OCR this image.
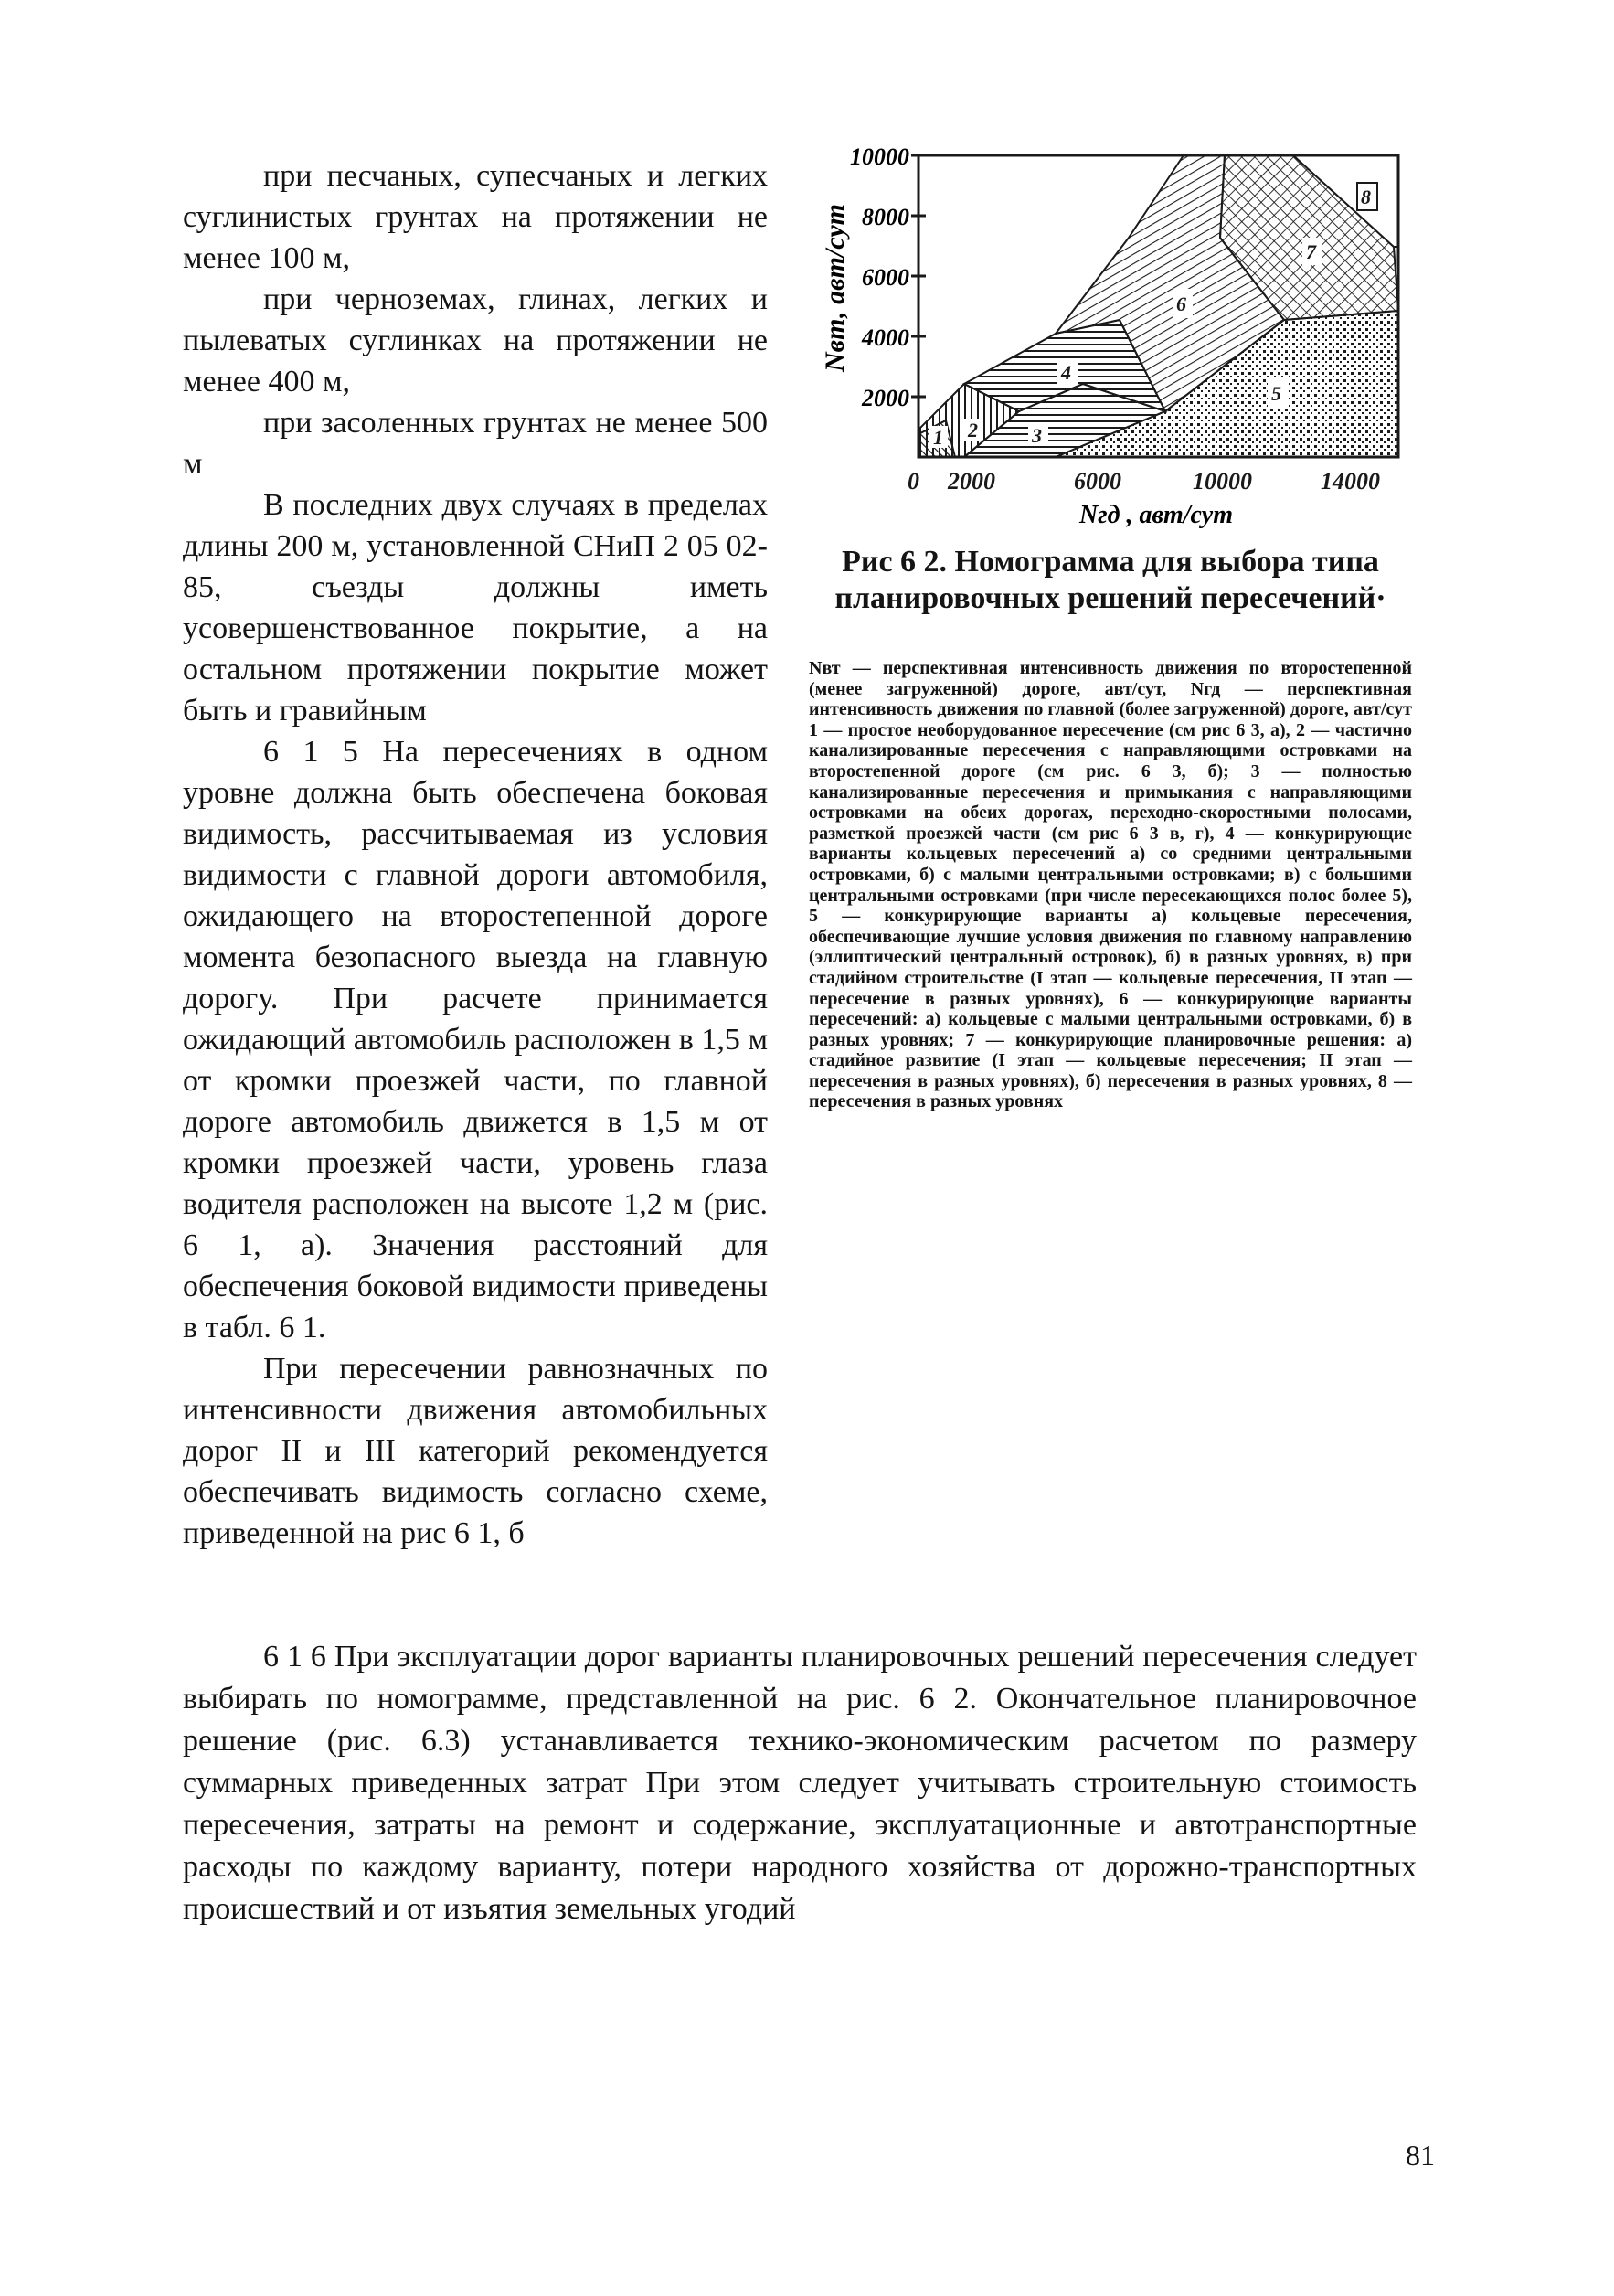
при песчаных, супесчаных и легких суглинистых грунтах на протяжении не менее 100 м,

при черноземах, глинах, легких и пылеватых суглинках на протяжении не менее 400 м,

при засоленных грунтах не менее 500 м

В последних двух случаях в пределах длины 200 м, установленной СНиП 2 05 02-85, съезды должны иметь усовершенствованное покрытие, а на остальном протяжении покрытие может быть и гравийным

6 1 5 На пересечениях в одном уровне должна быть обеспечена боковая видимость, рассчитываемая из условия видимости с главной дороги автомобиля, ожидающего на второстепенной дороге момента безопасного выезда на главную дорогу. При расчете принимается ожидающий автомобиль расположен в 1,5 м от кромки проезжей части, по главной дороге автомобиль движется в 1,5 м от кромки проезжей части, уровень глаза водителя расположен на высоте 1,2 м (рис. 6 1, а). Значения расстояний для обеспечения боковой видимости приведены в табл. 6 1.

При пересечении равнозначных по интенсивности движения автомобильных дорог II и III категорий рекомендуется обеспечивать видимость согласно схеме, приведенной на рис 6 1, б

Nвт, авт/сут
10000
8000
6000
4000
2000
1 2	3
4
5
6
7
8
0 2000	6000	10000	14000
Nгд , авт/сут
Рис 6 2. Номограмма для выбора типа планировочных решений пересечений·
Nвт — перспективная интенсивность движения по второстепенной (менее загруженной) дороге, авт/сут, Nгд — перспективная интенсивность движения по главной (более загруженной) дороге, авт/сут 1 — простое необорудованное пересечение (см рис 6 3, а), 2 — частично канализированные пересечения с направляющими островками на второстепенной дороге (см рис. 6 3, б); 3 — полностью канализированные пересечения и примыкания с направляющими островками на обеих дорогах, переходно-скоростными полосами, разметкой проезжей части (см рис 6 3 в, г), 4 — конкурирующие варианты кольцевых пересечений а) со средними центральными островками, б) с малыми центральными островками; в) с большими центральными островками (при числе пересекающихся полос более 5), 5 — конкурирующие варианты а) кольцевые пересечения, обеспечивающие лучшие условия движения по главному направлению (эллиптический центральный островок), б) в разных уровнях, в) при стадийном строительстве (I этап — кольцевые пересечения, II этап — пересечение в разных уровнях), 6 — конкурирующие варианты пересечений: а) кольцевые с малыми центральными островками, б) в разных уровнях; 7 — конкурирующие планировочные решения: а) стадийное развитие (I этап — кольцевые пересечения; II этап — пересечения в разных уровнях), б) пересечения в разных уровнях, 8 — пересечения в разных уровнях

6 1 6 При эксплуатации дорог варианты планировочных решений пересечения следует выбирать по номограмме, представленной на рис. 6 2. Окончательное планировочное решение (рис. 6.3) устанавливается технико-экономическим расчетом по размеру суммарных приведенных затрат При этом следует учитывать строительную стоимость пересечения, затраты на ремонт и содержание, эксплуатационные и автотранспортные расходы по каждому варианту, потери народного хозяйства от дорожно-транспортных происшествий и от изъятия земельных угодий

81
